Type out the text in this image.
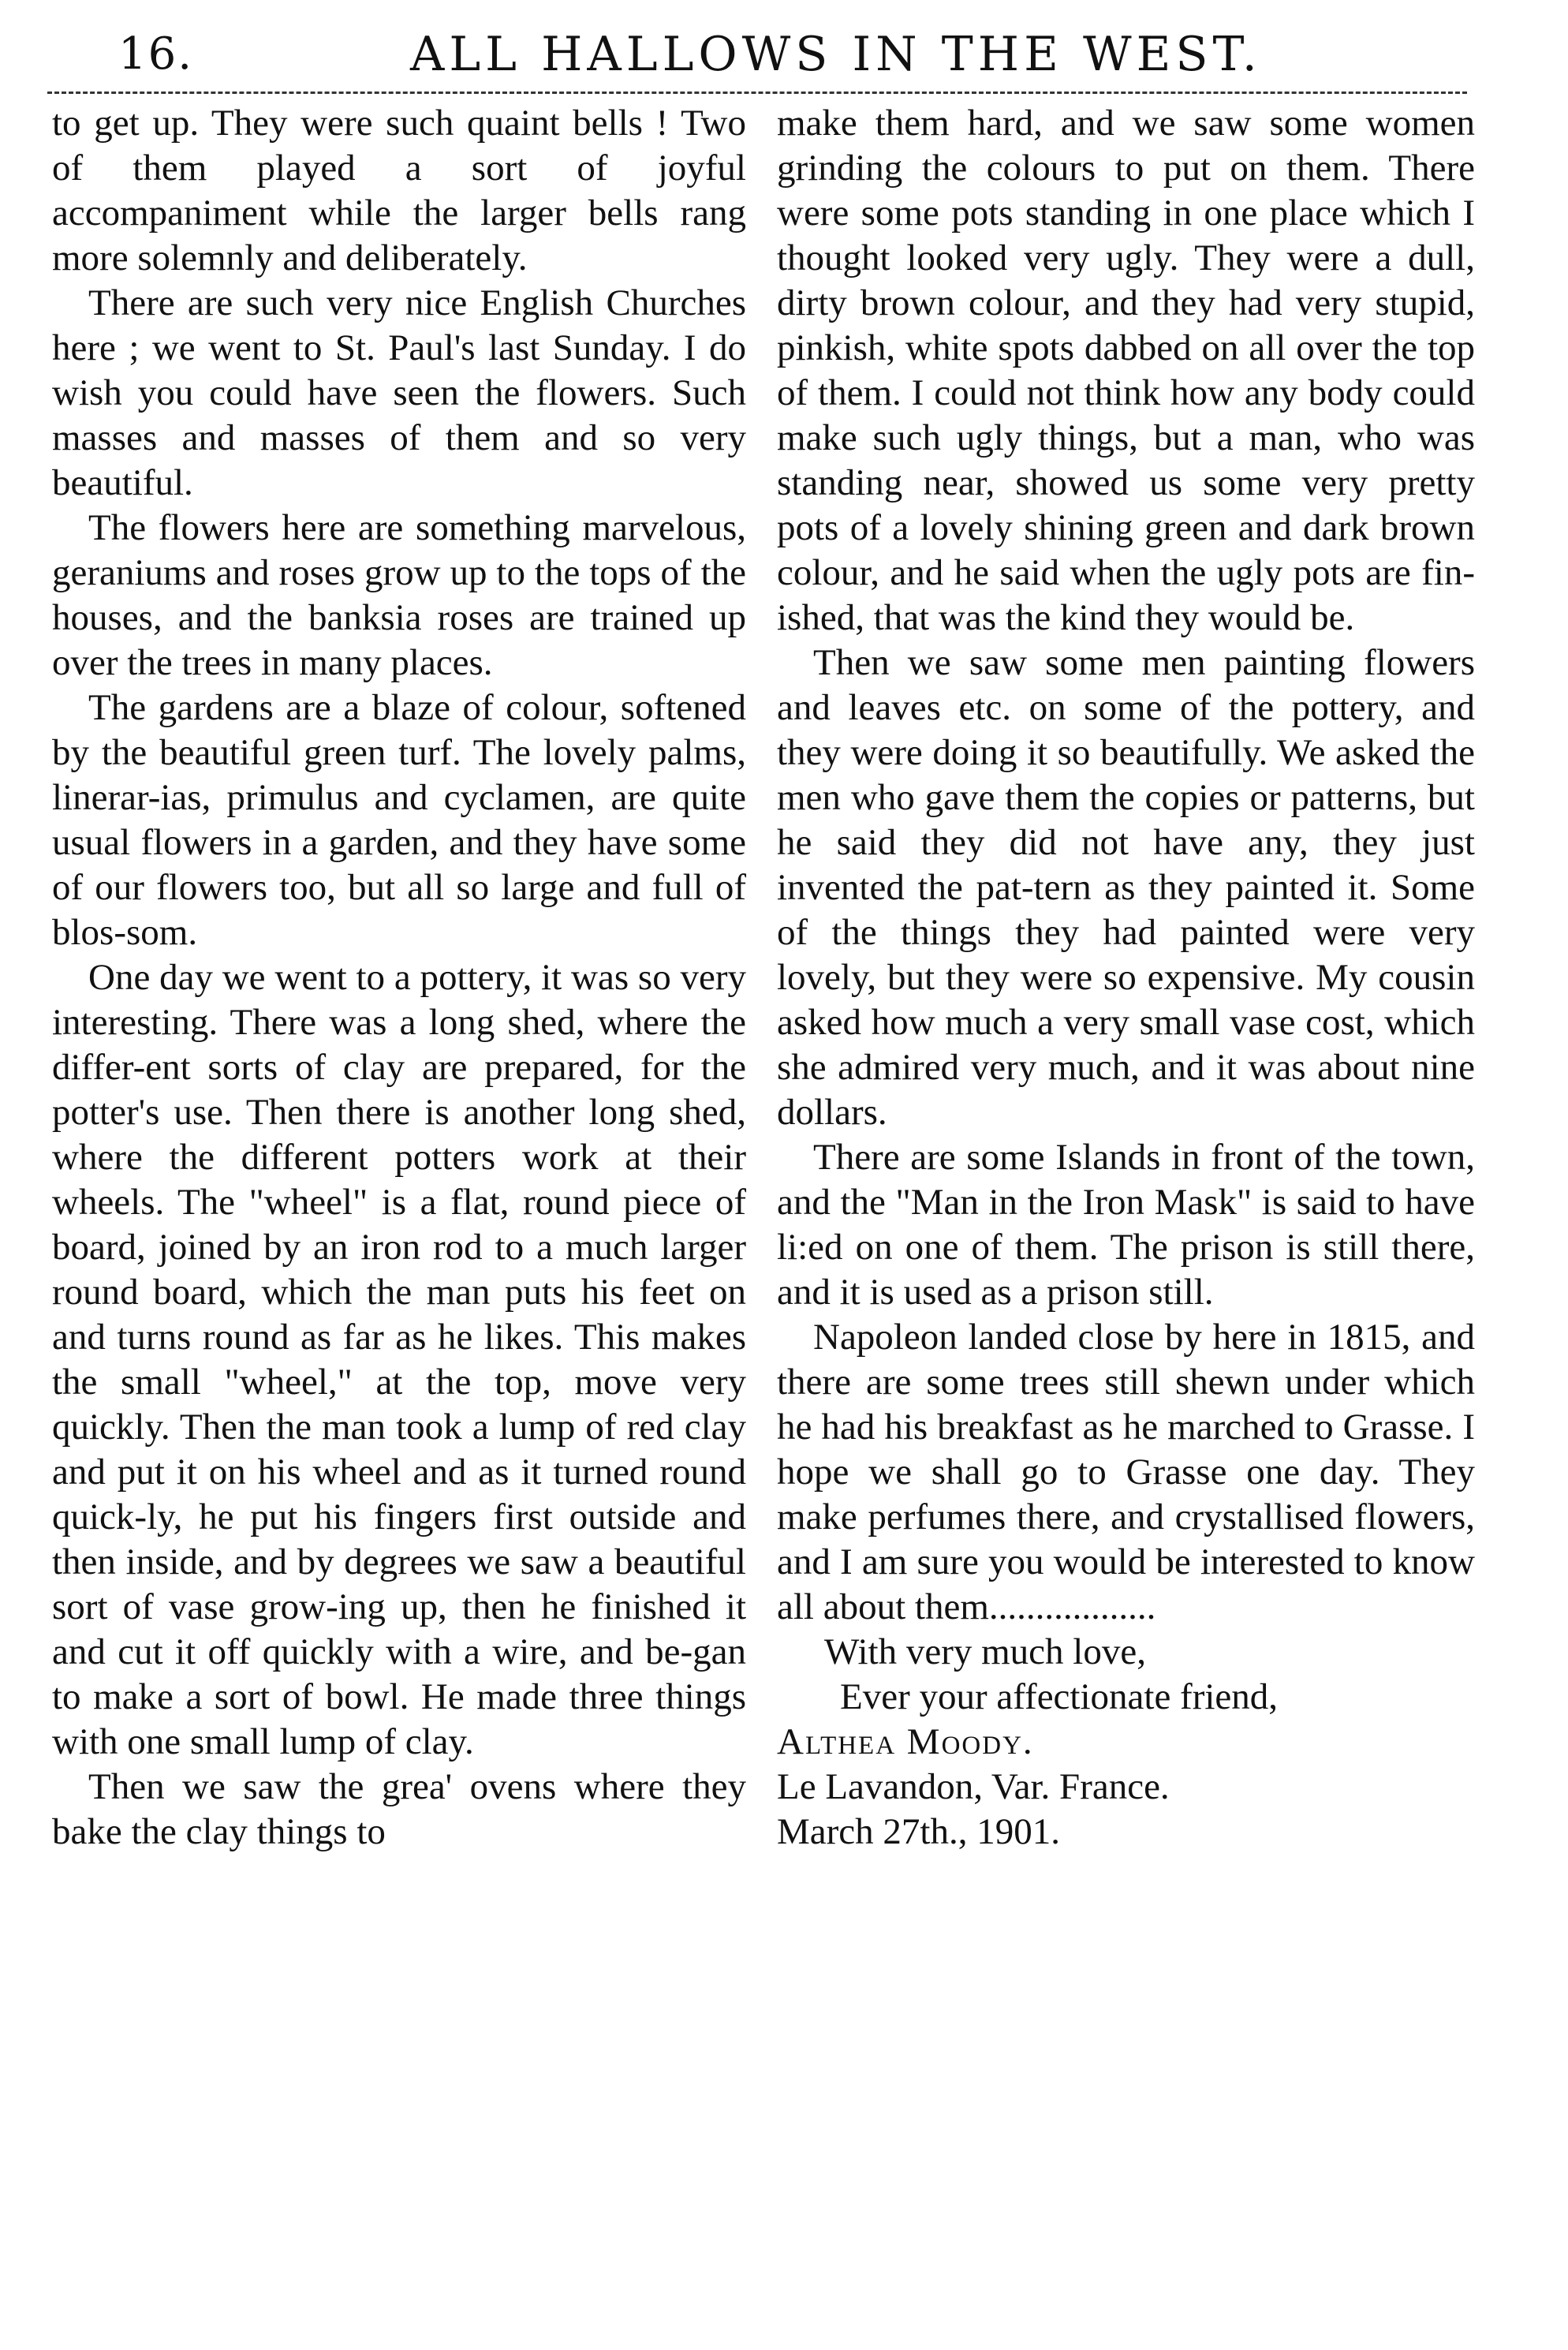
16.	ALL HALLOWS IN THE WEST.

to get up. They were such quaint bells ! Two of them played a sort of joyful accompaniment while the larger bells rang more solemnly and deliberately.

There are such very nice English Churches here ; we went to St. Paul's last Sunday. I do wish you could have seen the flowers. Such masses and masses of them and so very beautiful.

The flowers here are something marvelous, geraniums and roses grow up to the tops of the houses, and the banksia roses are trained up over the trees in many places.

The gardens are a blaze of colour, softened by the beautiful green turf. The lovely palms, linerar-ias, primulus and cyclamen, are quite usual flowers in a garden, and they have some of our flowers too, but all so large and full of blos-som.

One day we went to a pottery, it was so very interesting. There was a long shed, where the differ-ent sorts of clay are prepared, for the potter's use. Then there is another long shed, where the different potters work at their wheels. The "wheel" is a flat, round piece of board, joined by an iron rod to a much larger round board, which the man puts his feet on and turns round as far as he likes. This makes the small "wheel," at the top, move very quickly. Then the man took a lump of red clay and put it on his wheel and as it turned round quick-ly, he put his fingers first outside and then inside, and by degrees we saw a beautiful sort of vase grow-ing up, then he finished it and cut it off quickly with a wire, and be-gan to make a sort of bowl. He made three things with one small lump of clay.

Then we saw the grea' ovens where they bake the clay things to

make them hard, and we saw some women grinding the colours to put on them. There were some pots standing in one place which I thought looked very ugly. They were a dull, dirty brown colour, and they had very stupid, pinkish, white spots dabbed on all over the top of them. I could not think how any body could make such ugly things, but a man, who was standing near, showed us some very pretty pots of a lovely shining green and dark brown colour, and he said when the ugly pots are fin-ished, that was the kind they would be.

Then we saw some men painting flowers and leaves etc. on some of the pottery, and they were doing it so beautifully. We asked the men who gave them the copies or patterns, but he said they did not have any, they just invented the pat-tern as they painted it. Some of the things they had painted were very lovely, but they were so expensive. My cousin asked how much a very small vase cost, which she admired very much, and it was about nine dollars.

There are some Islands in front of the town, and the "Man in the Iron Mask" is said to have li:ed on one of them. The prison is still there, and it is used as a prison still.

Napoleon landed close by here in 1815, and there are some trees still shewn under which he had his breakfast as he marched to Grasse. I hope we shall go to Grasse one day. They make perfumes there, and crystallised flowers, and I am sure you would be interested to know all about them..................

With very much love,

Ever your affectionate friend,

Althea Moody.

Le Lavandon, Var. France.

March 27th., 1901.
